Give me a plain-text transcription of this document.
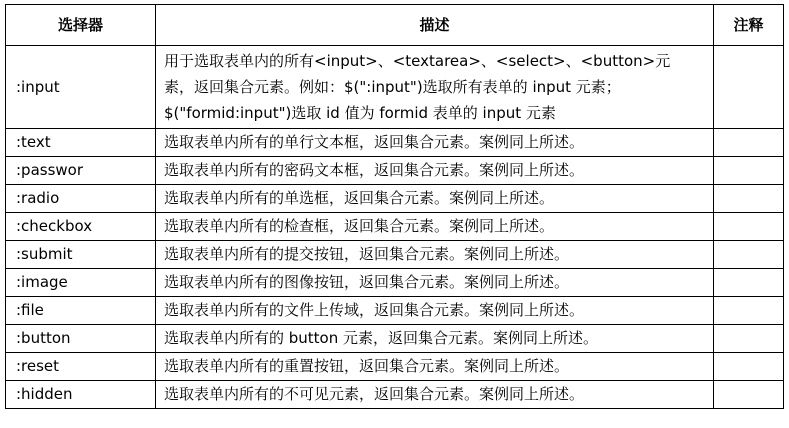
选择器	描述	注释
:input	用于选取表单内的所有<input>、<textarea>、<select>、<button>元
素，返回集合元素。例如：$(":input")选取所有表单的 input 元素；
$("formid:input")选取 id 值为 formid 表单的 input 元素	
:text	选取表单内所有的单行文本框，返回集合元素。案例同上所述。	
:passwor	选取表单内所有的密码文本框，返回集合元素。案例同上所述。	
:radio	选取表单内所有的单选框，返回集合元素。案例同上所述。	
:checkbox	选取表单内所有的检查框，返回集合元素。案例同上所述。	
:submit	选取表单内所有的提交按钮，返回集合元素。案例同上所述。	
:image	选取表单内所有的图像按钮，返回集合元素。案例同上所述。	
:file	选取表单内所有的文件上传域，返回集合元素。案例同上所述。	
:button	选取表单内所有的 button 元素，返回集合元素。案例同上所述。	
:reset	选取表单内所有的重置按钮，返回集合元素。案例同上所述。	
:hidden	选取表单内所有的不可见元素，返回集合元素。案例同上所述。	
